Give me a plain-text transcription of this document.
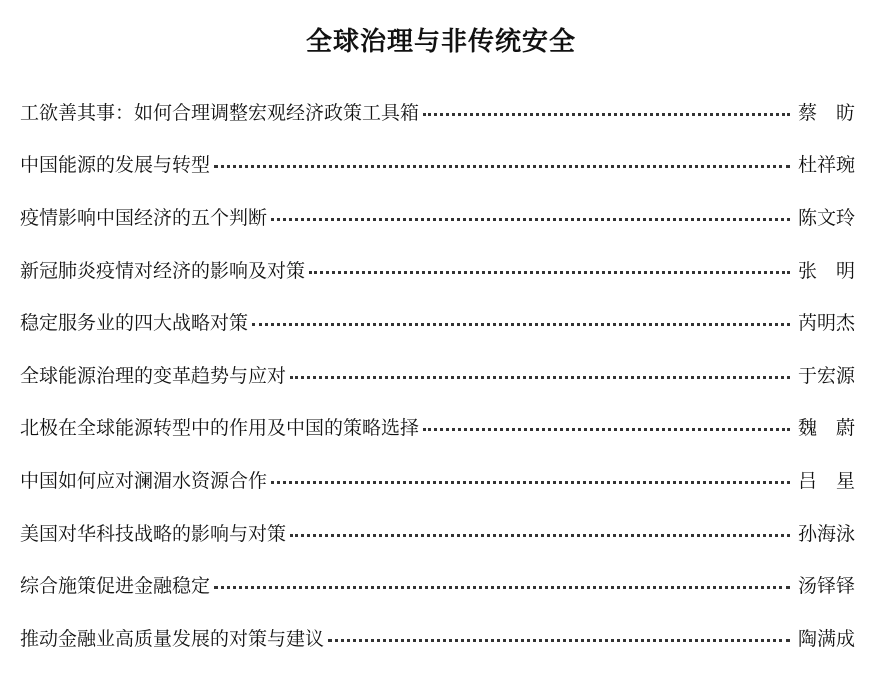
全球治理与非传统安全
工欲善其事：如何合理调整宏观经济政策工具箱	蔡　昉
中国能源的发展与转型	杜祥琬
疫情影响中国经济的五个判断	陈文玲
新冠肺炎疫情对经济的影响及对策	张　明
稳定服务业的四大战略对策	芮明杰
全球能源治理的变革趋势与应对	于宏源
北极在全球能源转型中的作用及中国的策略选择	魏　蔚
中国如何应对澜湄水资源合作	吕　星
美国对华科技战略的影响与对策	孙海泳
综合施策促进金融稳定	汤铎铎
推动金融业高质量发展的对策与建议	陶满成
